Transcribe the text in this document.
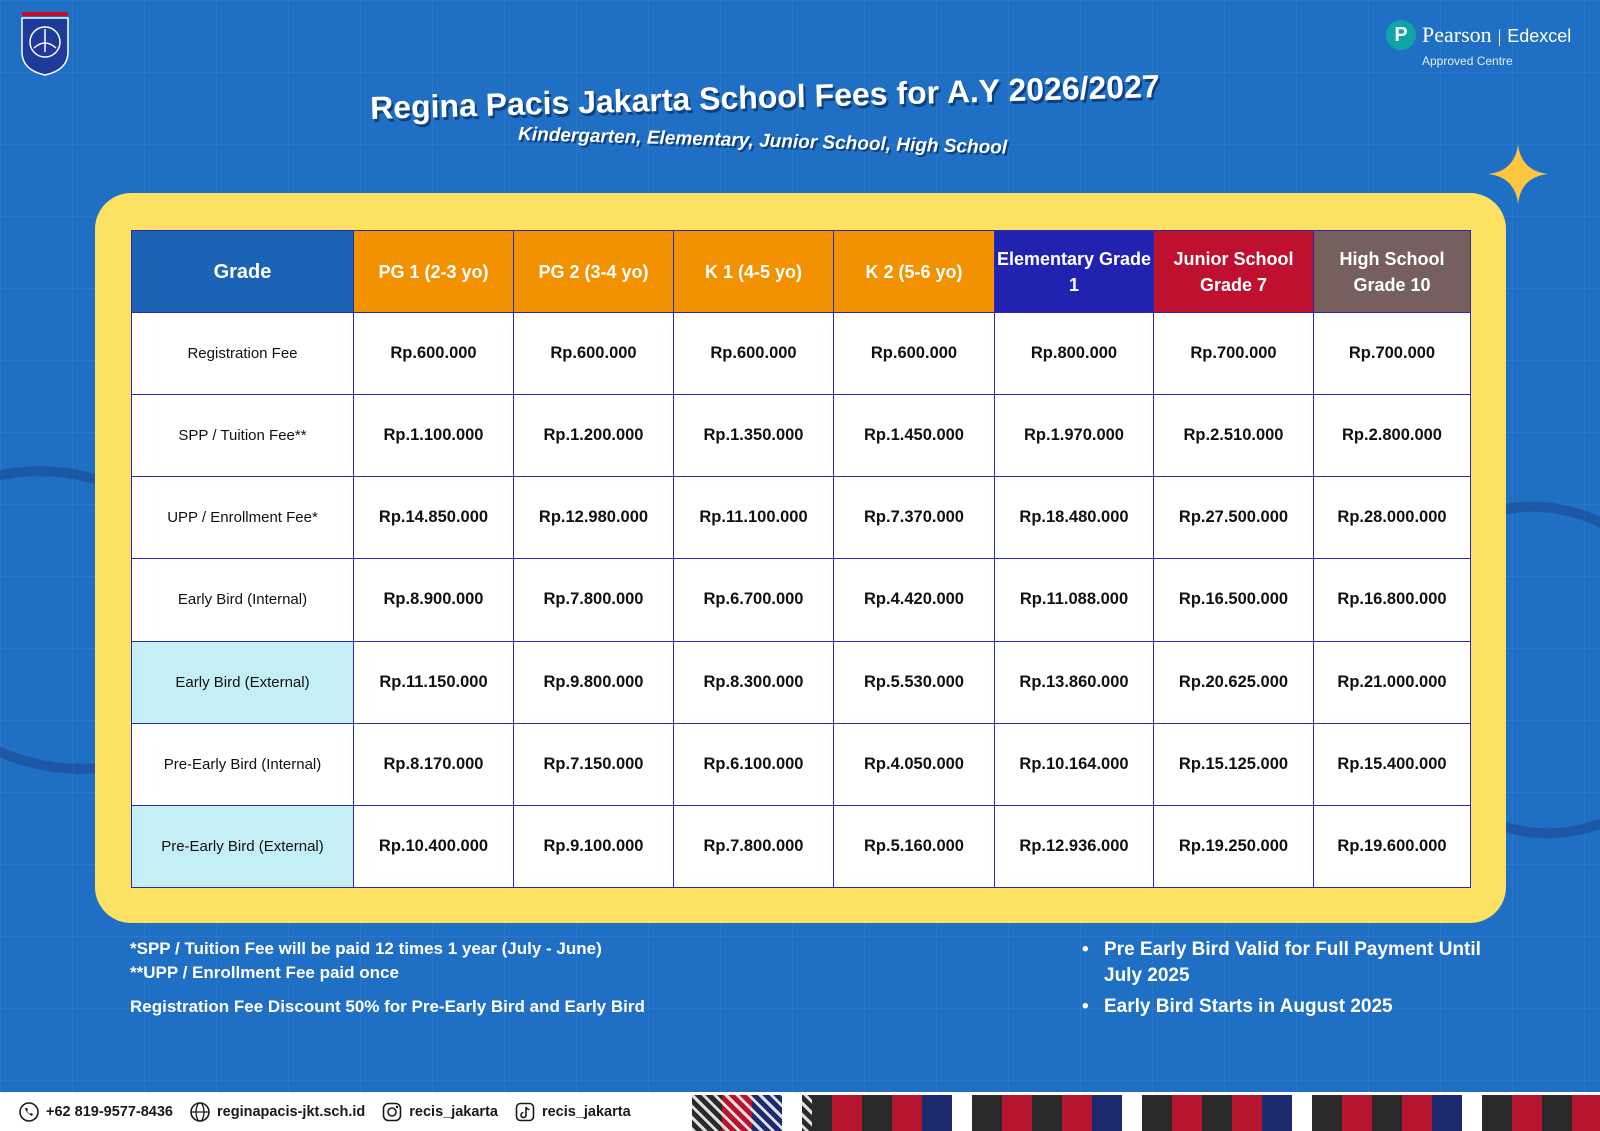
P Pearson | Edexcel
Approved Centre
Regina Pacis Jakarta School Fees for A.Y 2026/2027
Kindergarten, Elementary, Junior School, High School
Grade	PG 1 (2-3 yo)	PG 2 (3-4 yo)	K 1 (4-5 yo)	K 2 (5-6 yo)	Elementary Grade 1	Junior School Grade 7	High School Grade 10
Registration Fee	Rp.600.000	Rp.600.000	Rp.600.000	Rp.600.000	Rp.800.000	Rp.700.000	Rp.700.000
SPP / Tuition Fee**	Rp.1.100.000	Rp.1.200.000	Rp.1.350.000	Rp.1.450.000	Rp.1.970.000	Rp.2.510.000	Rp.2.800.000
UPP / Enrollment Fee*	Rp.14.850.000	Rp.12.980.000	Rp.11.100.000	Rp.7.370.000	Rp.18.480.000	Rp.27.500.000	Rp.28.000.000
Early Bird (Internal)	Rp.8.900.000	Rp.7.800.000	Rp.6.700.000	Rp.4.420.000	Rp.11.088.000	Rp.16.500.000	Rp.16.800.000
Early Bird (External)	Rp.11.150.000	Rp.9.800.000	Rp.8.300.000	Rp.5.530.000	Rp.13.860.000	Rp.20.625.000	Rp.21.000.000
Pre-Early Bird (Internal)	Rp.8.170.000	Rp.7.150.000	Rp.6.100.000	Rp.4.050.000	Rp.10.164.000	Rp.15.125.000	Rp.15.400.000
Pre-Early Bird (External)	Rp.10.400.000	Rp.9.100.000	Rp.7.800.000	Rp.5.160.000	Rp.12.936.000	Rp.19.250.000	Rp.19.600.000
*SPP / Tuition Fee will be paid 12 times 1 year (July - June)
**UPP / Enrollment Fee paid once
Registration Fee Discount 50% for Pre-Early Bird and Early Bird
• Pre Early Bird Valid for Full Payment Until July 2025
• Early Bird Starts in August 2025
+62 819-9577-8436	reginapacis-jkt.sch.id	recis_jakarta	recis_jakarta
